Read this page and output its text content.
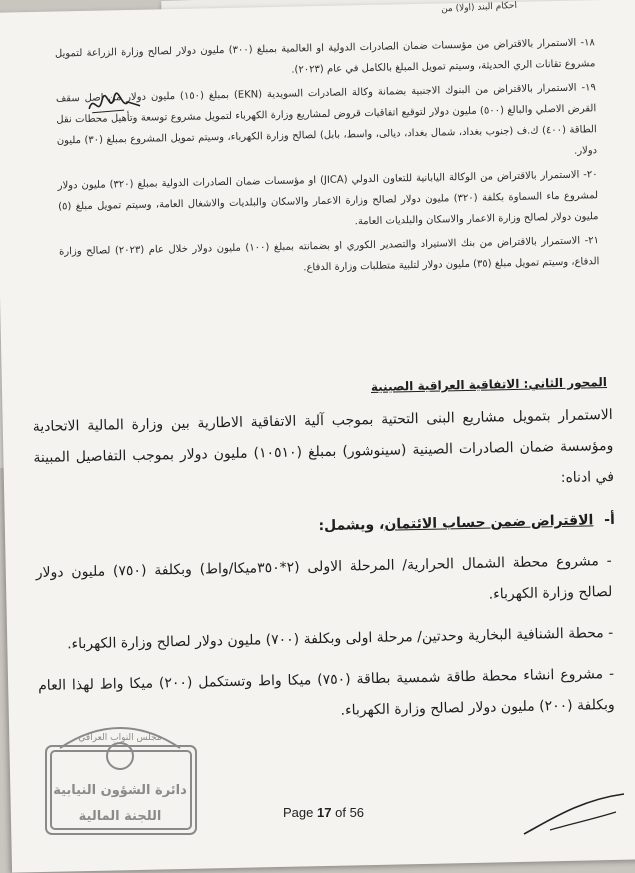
احكام البند (اولا) من

١٨- الاستمرار بالاقتراض من مؤسسات ضمان الصادرات الدولية او العالمية بمبلغ (٣٠٠) مليون دولار لصالح وزارة الزراعة لتمويل مشروع تقانات الري الحديثة، وسيتم تمويل المبلغ بالكامل في عام (٢٠٢٣).

١٩- الاستمرار بالاقتراض من البنوك الاجنبية بضمانة وكالة الصادرات السويدية (EKN) بمبلغ (١٥٠) مليون دولار من اصل سقف القرض الاصلي والبالغ (٥٠٠) مليون دولار لتوقيع اتفاقيات قروض لمشاريع وزارة الكهرباء لتمويل مشروع توسعة وتأهيل محطات نقل الطاقة (٤٠٠) ك.ف (جنوب بغداد، شمال بغداد، ديالى، واسط، بابل) لصالح وزارة الكهرباء، وسيتم تمويل المشروع بمبلغ (٣٠) مليون دولار.

٢٠- الاستمرار بالاقتراض من الوكالة اليابانية للتعاون الدولي (JICA) او مؤسسات ضمان الصادرات الدولية بمبلغ (٣٢٠) مليون دولار لمشروع ماء السماوة بكلفة (٣٢٠) مليون دولار لصالح وزارة الاعمار والاسكان والبلديات والاشغال العامة، وسيتم تمويل مبلغ (٥) مليون دولار لصالح وزارة الاعمار والاسكان والبلديات العامة.

٢١- الاستمرار بالاقتراض من بنك الاستيراد والتصدير الكوري او بضمانته بمبلغ (١٠٠) مليون دولار خلال عام (٢٠٢٣) لصالح وزارة الدفاع، وسيتم تمويل مبلغ (٣٥) مليون دولار لتلبية متطلبات وزارة الدفاع.

المحور الثاني: الاتفاقية العراقية الصينية

الاستمرار بتمويل مشاريع البنى التحتية بموجب آلية الاتفاقية الاطارية بين وزارة المالية الاتحادية ومؤسسة ضمان الصادرات الصينية (سينوشور) بمبلغ (١٠٥١٠) مليون دولار بموجب التفاصيل المبينة في ادناه:

أ- الاقتراض ضمن حساب الائتمان، ويشمل:

- مشروع محطة الشمال الحرارية/ المرحلة الاولى (٢*٣٥٠ميكا/واط) وبكلفة (٧٥٠) مليون دولار لصالح وزارة الكهرباء.

- محطة الشنافية البخارية وحدتين/ مرحلة اولى وبكلفة (٧٠٠) مليون دولار لصالح وزارة الكهرباء.

- مشروع انشاء محطة طاقة شمسية بطاقة (٧٥٠) ميكا واط وتستكمل (٢٠٠) ميكا واط لهذا العام وبكلفة (٢٠٠) مليون دولار لصالح وزارة الكهرباء.

مجلس النواب العراقي
دائرة الشؤون النيابية
اللجنة المالية	Page 17 of 56
